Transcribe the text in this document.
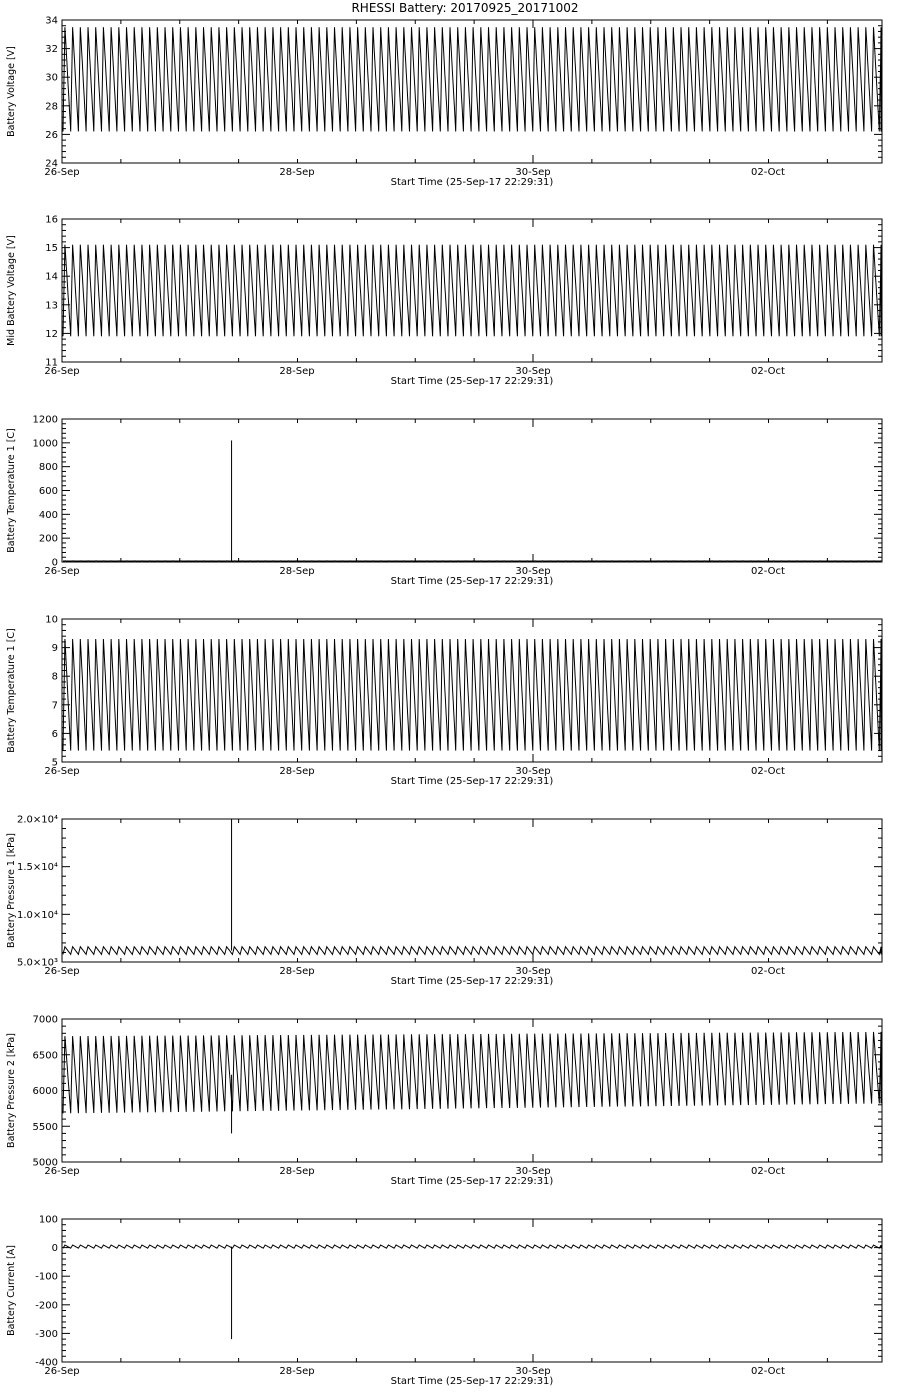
RHESSI Battery: 20170925_20171002
24
26
28
30
32
34
26-Sep	28-Sep	30-Sep	02-Oct
Start Time (25-Sep-17 22:29:31)
Battery Voltage [V]
11
12
13
14
15
16
26-Sep	28-Sep	30-Sep	02-Oct
Start Time (25-Sep-17 22:29:31)
Mid Battery Voltage [V]
0
200
400
600
800
1000
1200
26-Sep	28-Sep	30-Sep	02-Oct
Start Time (25-Sep-17 22:29:31)
Battery Temperature 1 [C]
5
6
7
8
9
10
26-Sep	28-Sep	30-Sep	02-Oct
Start Time (25-Sep-17 22:29:31)
Battery Temperature 1 [C]
5.0×10³
1.0×10⁴
1.5×10⁴
2.0×10⁴
26-Sep	28-Sep	30-Sep	02-Oct
Start Time (25-Sep-17 22:29:31)
Battery Pressure 1 [kPa]
5000
5500
6000
6500
7000
26-Sep	28-Sep	30-Sep	02-Oct
Start Time (25-Sep-17 22:29:31)
Battery Pressure 2 [kPa]
-400
-300
-200
-100
0
100
26-Sep	28-Sep	30-Sep	02-Oct
Start Time (25-Sep-17 22:29:31)
Battery Current [A]
